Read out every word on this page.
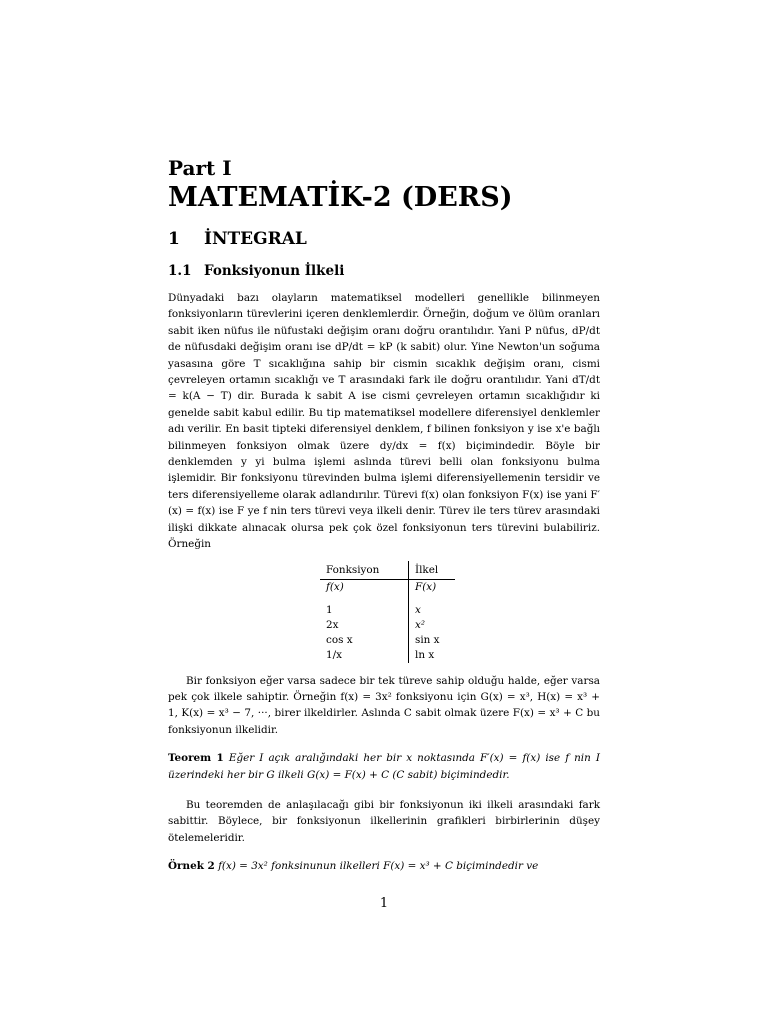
Part I
MATEMATİK-2 (DERS)
1 İNTEGRAL
1.1 Fonksiyonun İlkeli

Dünyadaki bazı olayların matematiksel modelleri genellikle bilinmeyen fonksiyonların türevlerini içeren denklemlerdir. Örneğin, doğum ve ölüm oranları sabit iken nüfus ile nüfustaki değişim oranı doğru orantılıdır. Yani P nüfus, dP/dt de nüfusdaki değişim oranı ise dP/dt = kP (k sabit) olur. Yine Newton'un soğuma yasasına göre T sıcaklığına sahip bir cismin sıcaklık değişim oranı, cismi çevreleyen ortamın sıcaklığı ve T arasındaki fark ile doğru orantılıdır. Yani dT/dt = k(A − T) dir. Burada k sabit A ise cismi çevreleyen ortamın sıcaklığıdır ki genelde sabit kabul edilir. Bu tip matematiksel modellere diferensiyel denklemler adı verilir. En basit tipteki diferensiyel denklem, f bilinen fonksiyon y ise x'e bağlı bilinmeyen fonksiyon olmak üzere dy/dx = f(x) biçimindedir. Böyle bir denklemden y yi bulma işlemi aslında türevi belli olan fonksiyonu bulma işlemidir. Bir fonksiyonu türevinden bulma işlemi diferensiyellemenin tersidir ve ters diferensiyelleme olarak adlandırılır. Türevi f(x) olan fonksiyon F(x) ise yani F′(x) = f(x) ise F ye f nin ters türevi veya ilkeli denir. Türev ile ters türev arasındaki ilişki dikkate alınacak olursa pek çok özel fonksiyonun ters türevini bulabiliriz. Örneğin

Fonksiyon	İlkel
f(x)	F(x)

1	x
2x	x²
cos x	sin x
1/x	ln x

Bir fonksiyon eğer varsa sadece bir tek türeve sahip olduğu halde, eğer varsa pek çok ilkele sahiptir. Örneğin f(x) = 3x² fonksiyonu için G(x) = x³, H(x) = x³ + 1, K(x) = x³ − 7, ···, birer ilkeldirler. Aslında C sabit olmak üzere F(x) = x³ + C bu fonksiyonun ilkelidir.

Teorem 1 Eğer I açık aralığındaki her bir x noktasında F′(x) = f(x) ise f nin I üzerindeki her bir G ilkeli G(x) = F(x) + C (C sabit) biçimindedir.

Bu teoremden de anlaşılacağı gibi bir fonksiyonun iki ilkeli arasındaki fark sabittir. Böylece, bir fonksiyonun ilkellerinin grafikleri birbirlerinin düşey ötelemeleridir.

Örnek 2 f(x) = 3x² fonksinunun ilkelleri F(x) = x³ + C biçimindedir ve

1
